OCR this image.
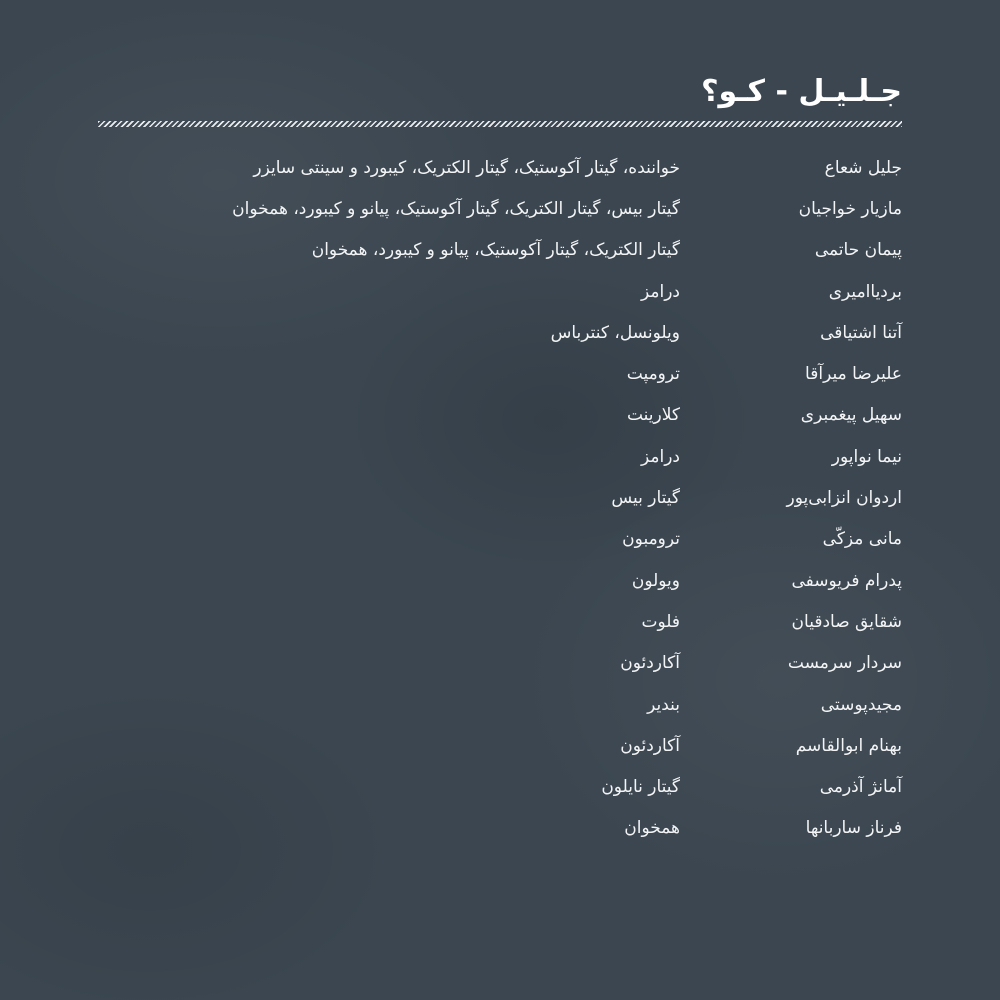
جـلـیـل - کـو؟
جلیل شعاع
خواننده، گیتار آکوستیک، گیتار الکتریک، کیبورد و سینتی سایزر
مازیار خواجیان
گیتار بیس، گیتار الکتریک، گیتار آکوستیک، پیانو و کیبورد، همخوان
پیمان حاتمی
گیتار الکتریک، گیتار آکوستیک، پیانو و کیبورد، همخوان
بردیاامیری
درامز
آتنا اشتیاقی
ویلونسل، کنترباس
علیرضا میرآقا
ترومپت
سهیل پیغمبری
کلارینت
نیما نواپور
درامز
اردوان انزابی‌پور
گیتار بیس
مانی مزکّی
ترومبون
پدرام فریوسفی
ویولون
شقایق صادقیان
فلوت
سردار سرمست
آکاردئون
مجیدپوستی
بندیر
بهنام ابوالقاسم
آکاردئون
آمانژ آذرمی
گیتار نایلون
فرناز ساربانها
همخوان
